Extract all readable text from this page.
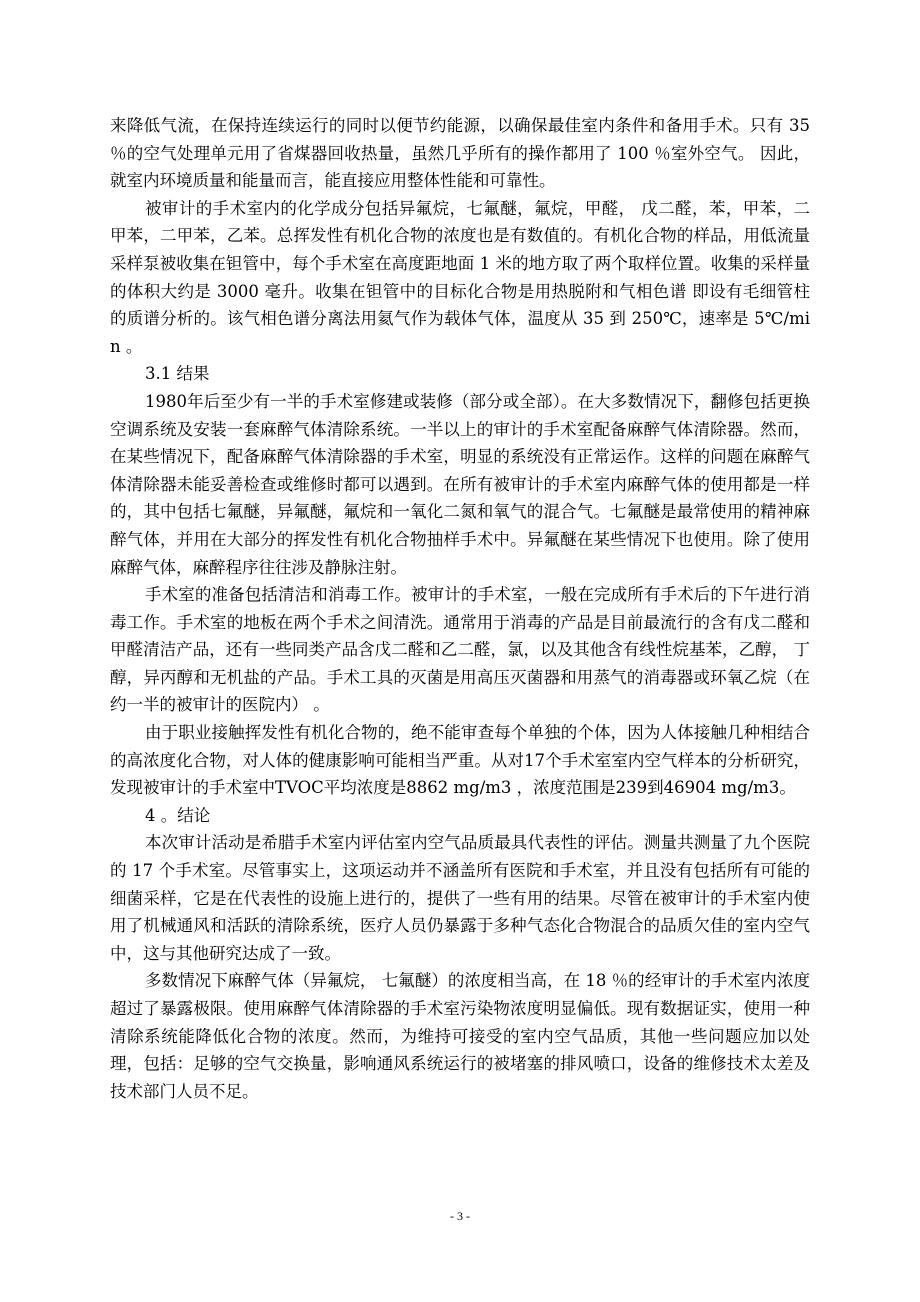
来降低气流，在保持连续运行的同时以便节约能源，以确保最佳室内条件和备用手术。只有 35 ％的空气处理单元用了省煤器回收热量，虽然几乎所有的操作都用了 100 ％室外空气。 因此，就室内环境质量和能量而言，能直接应用整体性能和可靠性。

被审计的手术室内的化学成分包括异氟烷，七氟醚，氟烷，甲醛， 戊二醛，苯，甲苯，二甲苯，二甲苯，乙苯。总挥发性有机化合物的浓度也是有数值的。有机化合物的样品，用低流量采样泵被收集在钽管中，每个手术室在高度距地面 1 米的地方取了两个取样位置。收集的采样量的体积大约是 3000 毫升。收集在钽管中的目标化合物是用热脱附和气相色谱 即设有毛细管柱的质谱分析的。该气相色谱分离法用氦气作为载体气体，温度从 35 到 250℃，速率是 5℃/min 。

3.1 结果

1980年后至少有一半的手术室修建或装修（部分或全部）。在大多数情况下，翻修包括更换空调系统及安装一套麻醉气体清除系统。一半以上的审计的手术室配备麻醉气体清除器。然而，在某些情况下，配备麻醉气体清除器的手术室，明显的系统没有正常运作。这样的问题在麻醉气体清除器未能妥善检查或维修时都可以遇到。在所有被审计的手术室内麻醉气体的使用都是一样的，其中包括七氟醚，异氟醚，氟烷和一氧化二氮和氧气的混合气。七氟醚是最常使用的精神麻醉气体，并用在大部分的挥发性有机化合物抽样手术中。异氟醚在某些情况下也使用。除了使用麻醉气体，麻醉程序往往涉及静脉注射。

手术室的准备包括清洁和消毒工作。被审计的手术室，一般在完成所有手术后的下午进行消毒工作。手术室的地板在两个手术之间清洗。通常用于消毒的产品是目前最流行的含有戊二醛和甲醛清洁产品，还有一些同类产品含戊二醛和乙二醛，氯，以及其他含有线性烷基苯，乙醇， 丁醇，异丙醇和无机盐的产品。手术工具的灭菌是用高压灭菌器和用蒸气的消毒器或环氧乙烷（在约一半的被审计的医院内） 。

由于职业接触挥发性有机化合物的，绝不能审查每个单独的个体，因为人体接触几种相结合的高浓度化合物，对人体的健康影响可能相当严重。从对17个手术室室内空气样本的分析研究，发现被审计的手术室中TVOC平均浓度是8862 mg/m3 ，浓度范围是239到46904 mg/m3。

4 。结论

本次审计活动是希腊手术室内评估室内空气品质最具代表性的评估。测量共测量了九个医院的 17 个手术室。尽管事实上，这项运动并不涵盖所有医院和手术室，并且没有包括所有可能的细菌采样，它是在代表性的设施上进行的，提供了一些有用的结果。尽管在被审计的手术室内使用了机械通风和活跃的清除系统，医疗人员仍暴露于多种气态化合物混合的品质欠佳的室内空气中，这与其他研究达成了一致。

多数情况下麻醉气体（异氟烷， 七氟醚）的浓度相当高，在 18 ％的经审计的手术室内浓度超过了暴露极限。使用麻醉气体清除器的手术室污染物浓度明显偏低。现有数据证实，使用一种清除系统能降低化合物的浓度。然而，为维持可接受的室内空气品质，其他一些问题应加以处理，包括：足够的空气交换量，影响通风系统运行的被堵塞的排风喷口，设备的维修技术太差及技术部门人员不足。

- 3 -
